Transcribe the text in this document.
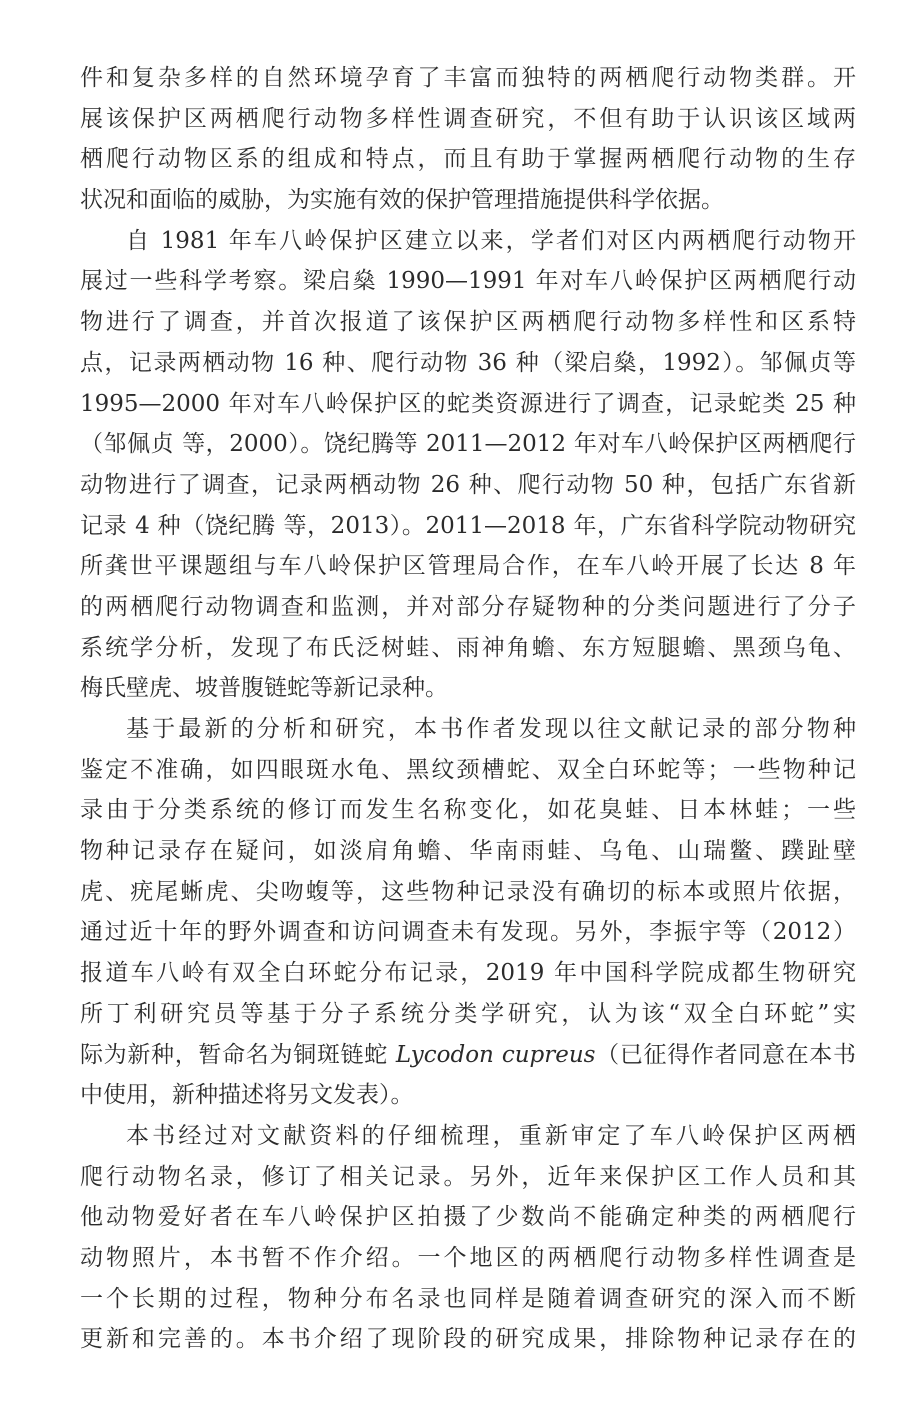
件和复杂多样的自然环境孕育了丰富而独特的两栖爬行动物类群。开
展该保护区两栖爬行动物多样性调查研究，不但有助于认识该区域两
栖爬行动物区系的组成和特点，而且有助于掌握两栖爬行动物的生存
状况和面临的威胁，为实施有效的保护管理措施提供科学依据。
自 1981 年车八岭保护区建立以来，学者们对区内两栖爬行动物开
展过一些科学考察。梁启燊 1990—1991 年对车八岭保护区两栖爬行动
物进行了调查，并首次报道了该保护区两栖爬行动物多样性和区系特
点，记录两栖动物 16 种、爬行动物 36 种（梁启燊，1992）。邹佩贞等
1995—2000 年对车八岭保护区的蛇类资源进行了调查，记录蛇类 25 种
（邹佩贞 等，2000）。饶纪腾等 2011—2012 年对车八岭保护区两栖爬行
动物进行了调查，记录两栖动物 26 种、爬行动物 50 种，包括广东省新
记录 4 种（饶纪腾 等，2013）。2011—2018 年，广东省科学院动物研究
所龚世平课题组与车八岭保护区管理局合作，在车八岭开展了长达 8 年
的两栖爬行动物调查和监测，并对部分存疑物种的分类问题进行了分子
系统学分析，发现了布氏泛树蛙、雨神角蟾、东方短腿蟾、黑颈乌龟、
梅氏壁虎、坡普腹链蛇等新记录种。
基于最新的分析和研究，本书作者发现以往文献记录的部分物种
鉴定不准确，如四眼斑水龟、黑纹颈槽蛇、双全白环蛇等；一些物种记
录由于分类系统的修订而发生名称变化，如花臭蛙、日本林蛙；一些
物种记录存在疑问，如淡肩角蟾、华南雨蛙、乌龟、山瑞鳖、蹼趾壁
虎、疣尾蜥虎、尖吻蝮等，这些物种记录没有确切的标本或照片依据，
通过近十年的野外调查和访问调查未有发现。另外，李振宇等（2012）
报道车八岭有双全白环蛇分布记录，2019 年中国科学院成都生物研究
所丁利研究员等基于分子系统分类学研究，认为该“双全白环蛇”实
际为新种，暂命名为铜斑链蛇 Lycodon cupreus（已征得作者同意在本书
中使用，新种描述将另文发表）。
本书经过对文献资料的仔细梳理，重新审定了车八岭保护区两栖
爬行动物名录，修订了相关记录。另外，近年来保护区工作人员和其
他动物爱好者在车八岭保护区拍摄了少数尚不能确定种类的两栖爬行
动物照片，本书暂不作介绍。一个地区的两栖爬行动物多样性调查是
一个长期的过程，物种分布名录也同样是随着调查研究的深入而不断
更新和完善的。本书介绍了现阶段的研究成果，排除物种记录存在的
